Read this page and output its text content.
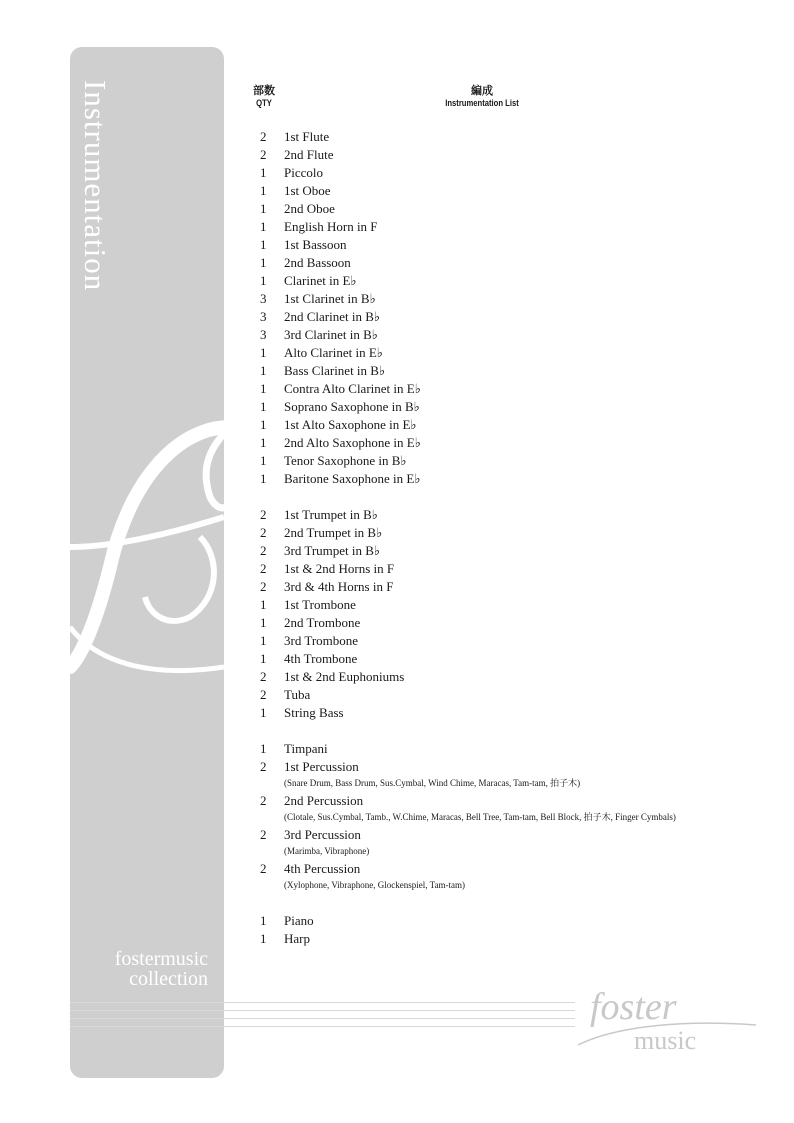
fostermusic
collection
Instrumentation
foster
music
部数
QTY
編成
Instrumentation List
2	1st Flute
2	2nd Flute
1	Piccolo
1	1st Oboe
1	2nd Oboe
1	English Horn in F
1	1st Bassoon
1	2nd Bassoon
1	Clarinet in E♭
3	1st Clarinet in B♭
3	2nd Clarinet in B♭
3	3rd Clarinet in B♭
1	Alto Clarinet in E♭
1	Bass Clarinet in B♭
1	Contra Alto Clarinet in E♭
1	Soprano Saxophone in B♭
1	1st Alto Saxophone in E♭
1	2nd Alto Saxophone in E♭
1	Tenor Saxophone in B♭
1	Baritone Saxophone in E♭
2	1st Trumpet in B♭
2	2nd Trumpet in B♭
2	3rd Trumpet in B♭
2	1st & 2nd Horns in F
2	3rd & 4th Horns in F
1	1st Trombone
1	2nd Trombone
1	3rd Trombone
1	4th Trombone
2	1st & 2nd Euphoniums
2	Tuba
1	String Bass
1	Timpani
2	1st Percussion
(Snare Drum, Bass Drum, Sus.Cymbal, Wind Chime, Maracas, Tam-tam, 拍子木)
2	2nd Percussion
(Clotale, Sus.Cymbal, Tamb., W.Chime, Maracas, Bell Tree, Tam-tam, Bell Block, 拍子木, Finger Cymbals)
2	3rd Percussion
(Marimba, Vibraphone)
2	4th Percussion
(Xylophone, Vibraphone, Glockenspiel, Tam-tam)
1	Piano
1	Harp
